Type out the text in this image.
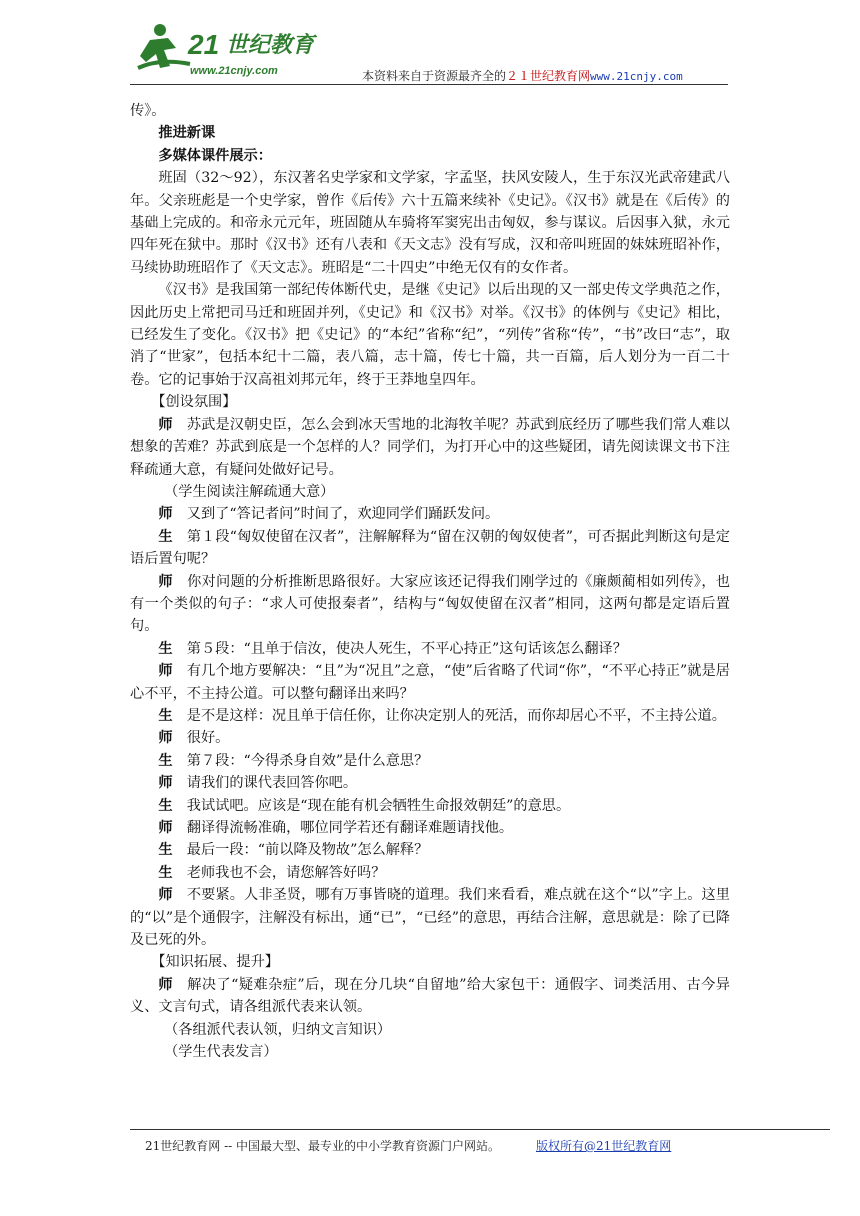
21 世纪教育
www.21cnjy.com	本资料来自于资源最齐全的２１世纪教育网www.21cnjy.com

传》。

推进新课

多媒体课件展示：

班固（32～92），东汉著名史学家和文学家，字孟坚，扶风安陵人，生于东汉光武帝建武八年。父亲班彪是一个史学家，曾作《后传》六十五篇来续补《史记》。《汉书》就是在《后传》的基础上完成的。和帝永元元年，班固随从车骑将军窦宪出击匈奴，参与谋议。后因事入狱，永元四年死在狱中。那时《汉书》还有八表和《天文志》没有写成，汉和帝叫班固的妹妹班昭补作，马续协助班昭作了《天文志》。班昭是“二十四史”中绝无仅有的女作者。

《汉书》是我国第一部纪传体断代史，是继《史记》以后出现的又一部史传文学典范之作，因此历史上常把司马迁和班固并列，《史记》和《汉书》对举。《汉书》的体例与《史记》相比，已经发生了变化。《汉书》把《史记》的“本纪”省称“纪”，“列传”省称“传”，“书”改曰“志”，取消了“世家”，包括本纪十二篇，表八篇，志十篇，传七十篇，共一百篇，后人划分为一百二十卷。它的记事始于汉高祖刘邦元年，终于王莽地皇四年。

【创设氛围】

师 苏武是汉朝史臣，怎么会到冰天雪地的北海牧羊呢？苏武到底经历了哪些我们常人难以想象的苦难？苏武到底是一个怎样的人？同学们，为打开心中的这些疑团，请先阅读课文书下注释疏通大意，有疑问处做好记号。

（学生阅读注解疏通大意）

师 又到了“答记者问”时间了，欢迎同学们踊跃发问。

生 第１段“匈奴使留在汉者”，注解解释为“留在汉朝的匈奴使者”，可否据此判断这句是定语后置句呢？

师 你对问题的分析推断思路很好。大家应该还记得我们刚学过的《廉颇蔺相如列传》，也有一个类似的句子：“求人可使报秦者”，结构与“匈奴使留在汉者”相同，这两句都是定语后置句。

生 第５段：“且单于信汝，使决人死生，不平心持正”这句话该怎么翻译？

师 有几个地方要解决：“且”为“况且”之意，“使”后省略了代词“你”，“不平心持正”就是居心不平，不主持公道。可以整句翻译出来吗？

生 是不是这样：况且单于信任你，让你决定别人的死活，而你却居心不平，不主持公道。

师 很好。

生 第７段：“今得杀身自效”是什么意思？

师 请我们的课代表回答你吧。

生 我试试吧。应该是“现在能有机会牺牲生命报效朝廷”的意思。

师 翻译得流畅准确，哪位同学若还有翻译难题请找他。

生 最后一段：“前以降及物故”怎么解释？

生 老师我也不会，请您解答好吗？

师 不要紧。人非圣贤，哪有万事皆晓的道理。我们来看看，难点就在这个“以”字上。这里的“以”是个通假字，注解没有标出，通“已”，“已经”的意思，再结合注解，意思就是：除了已降及已死的外。

【知识拓展、提升】

师 解决了“疑难杂症”后，现在分几块“自留地”给大家包干：通假字、词类活用、古今异义、文言句式，请各组派代表来认领。

（各组派代表认领，归纳文言知识）

（学生代表发言）

21世纪教育网 -- 中国最大型、最专业的中小学教育资源门户网站。	版权所有@21世纪教育网
